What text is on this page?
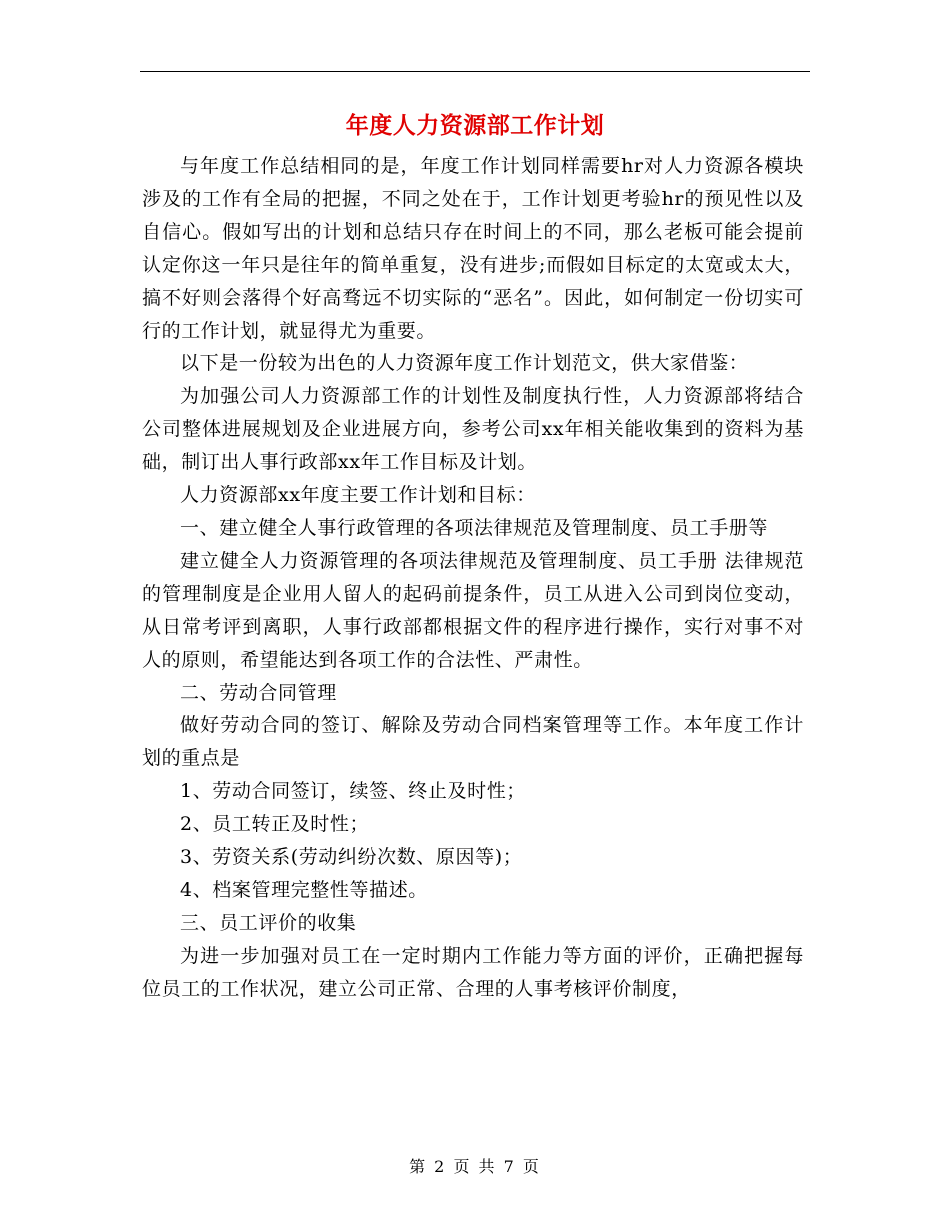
年度人力资源部工作计划

与年度工作总结相同的是，年度工作计划同样需要hr对人力资源各模块涉及的工作有全局的把握，不同之处在于，工作计划更考验hr的预见性以及自信心。假如写出的计划和总结只存在时间上的不同，那么老板可能会提前认定你这一年只是往年的简单重复，没有进步;而假如目标定的太宽或太大，搞不好则会落得个好高骛远不切实际的“恶名”。因此，如何制定一份切实可行的工作计划，就显得尤为重要。

以下是一份较为出色的人力资源年度工作计划范文，供大家借鉴：

为加强公司人力资源部工作的计划性及制度执行性，人力资源部将结合公司整体进展规划及企业进展方向，参考公司xx年相关能收集到的资料为基础，制订出人事行政部xx年工作目标及计划。

人力资源部xx年度主要工作计划和目标：

一、建立健全人事行政管理的各项法律规范及管理制度、员工手册等

建立健全人力资源管理的各项法律规范及管理制度、员工手册 法律规范的管理制度是企业用人留人的起码前提条件，员工从进入公司到岗位变动，从日常考评到离职，人事行政部都根据文件的程序进行操作，实行对事不对人的原则，希望能达到各项工作的合法性、严肃性。

二、劳动合同管理

做好劳动合同的签订、解除及劳动合同档案管理等工作。本年度工作计划的重点是

1、劳动合同签订，续签、终止及时性；

2、员工转正及时性；

3、劳资关系(劳动纠纷次数、原因等)；

4、档案管理完整性等描述。

三、员工评价的收集

为进一步加强对员工在一定时期内工作能力等方面的评价，正确把握每位员工的工作状况，建立公司正常、合理的人事考核评价制度，

第 2 页 共 7 页
